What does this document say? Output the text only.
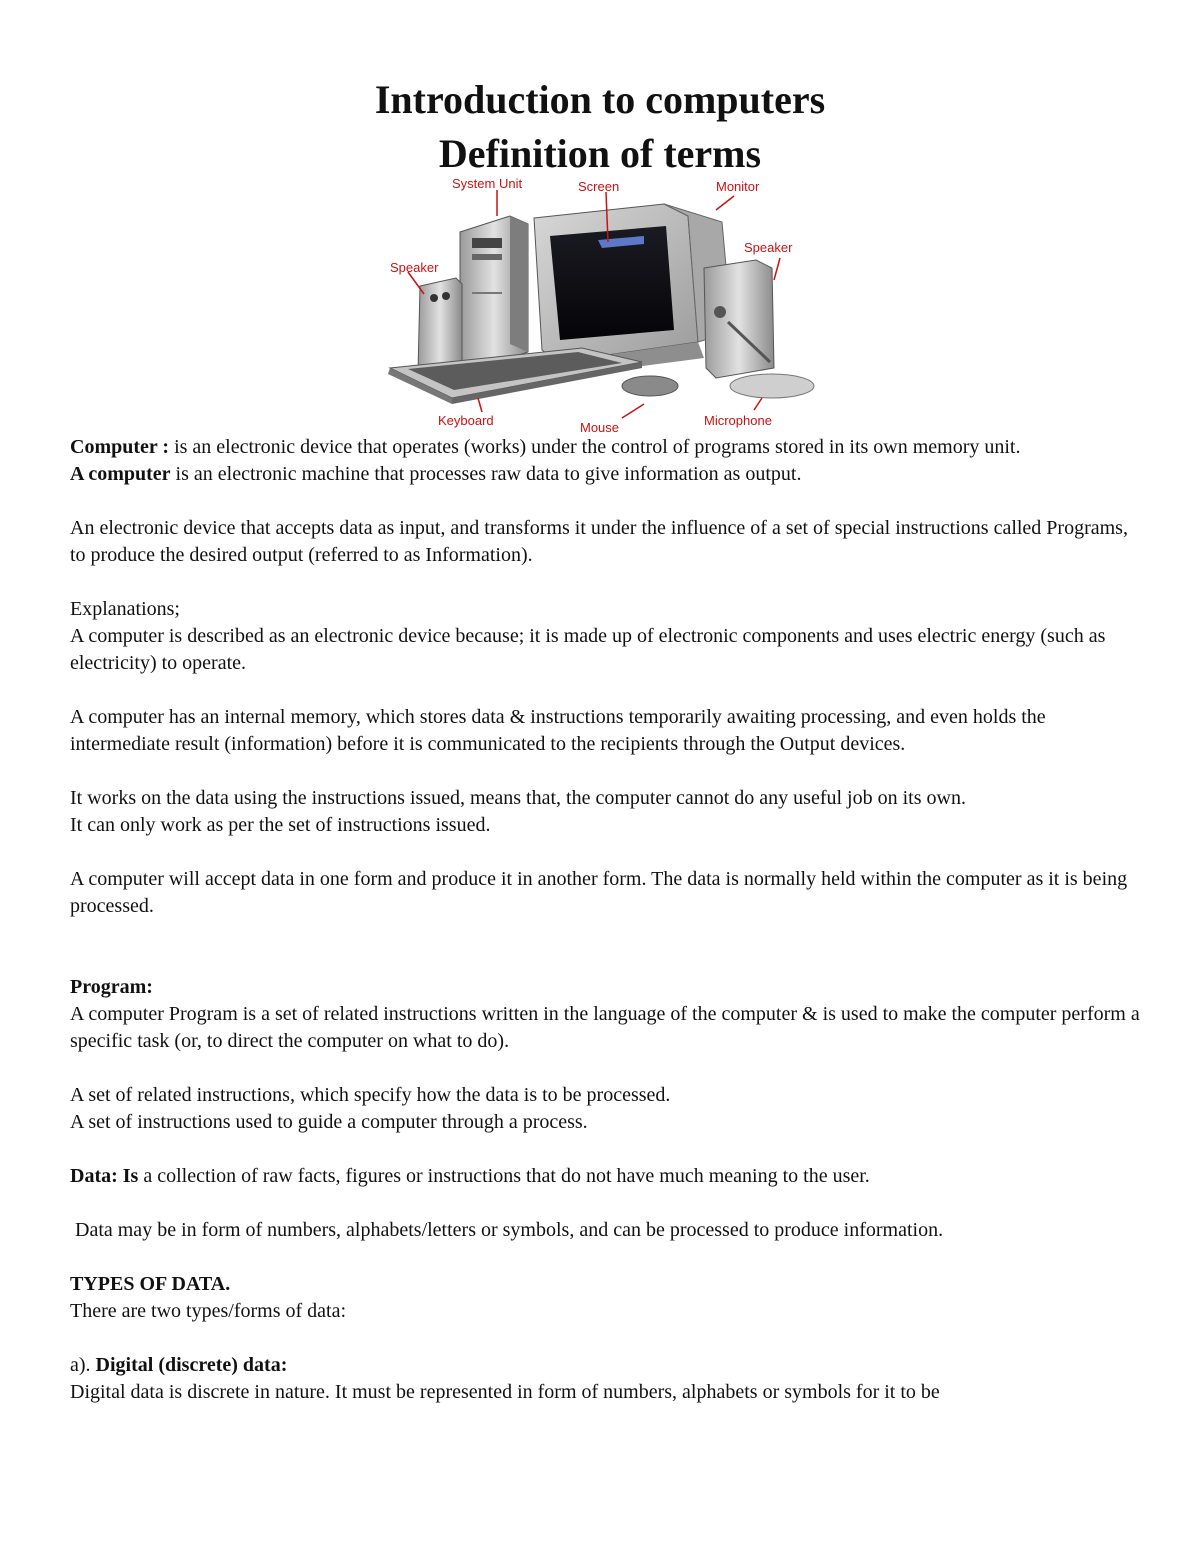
Introduction to computers
Definition of terms
System Unit	Screen	Monitor
Speaker
Speaker
Keyboard	Mouse	Microphone

Computer : is an electronic device that operates (works) under the control of programs stored in its own memory unit.

A computer is an electronic machine that processes raw data to give information as output.

An electronic device that accepts data as input, and transforms it under the influence of a set of special instructions called Programs, to produce the desired output (referred to as Information).

Explanations;

A computer is described as an electronic device because; it is made up of electronic components and uses electric energy (such as electricity) to operate.

A computer has an internal memory, which stores data & instructions temporarily awaiting processing, and even holds the intermediate result (information) before it is communicated to the recipients through the Output devices.

It works on the data using the instructions issued, means that, the computer cannot do any useful job on its own.

It can only work as per the set of instructions issued.

A computer will accept data in one form and produce it in another form. The data is normally held within the computer as it is being processed.

Program:

A computer Program is a set of related instructions written in the language of the computer & is used to make the computer perform a specific task (or, to direct the computer on what to do).

A set of related instructions, which specify how the data is to be processed.

A set of instructions used to guide a computer through a process.

Data: Is a collection of raw facts, figures or instructions that do not have much meaning to the user.

Data may be in form of numbers, alphabets/letters or symbols, and can be processed to produce information.

TYPES OF DATA.

There are two types/forms of data:

a). Digital (discrete) data:

Digital data is discrete in nature. It must be represented in form of numbers, alphabets or symbols for it to be
